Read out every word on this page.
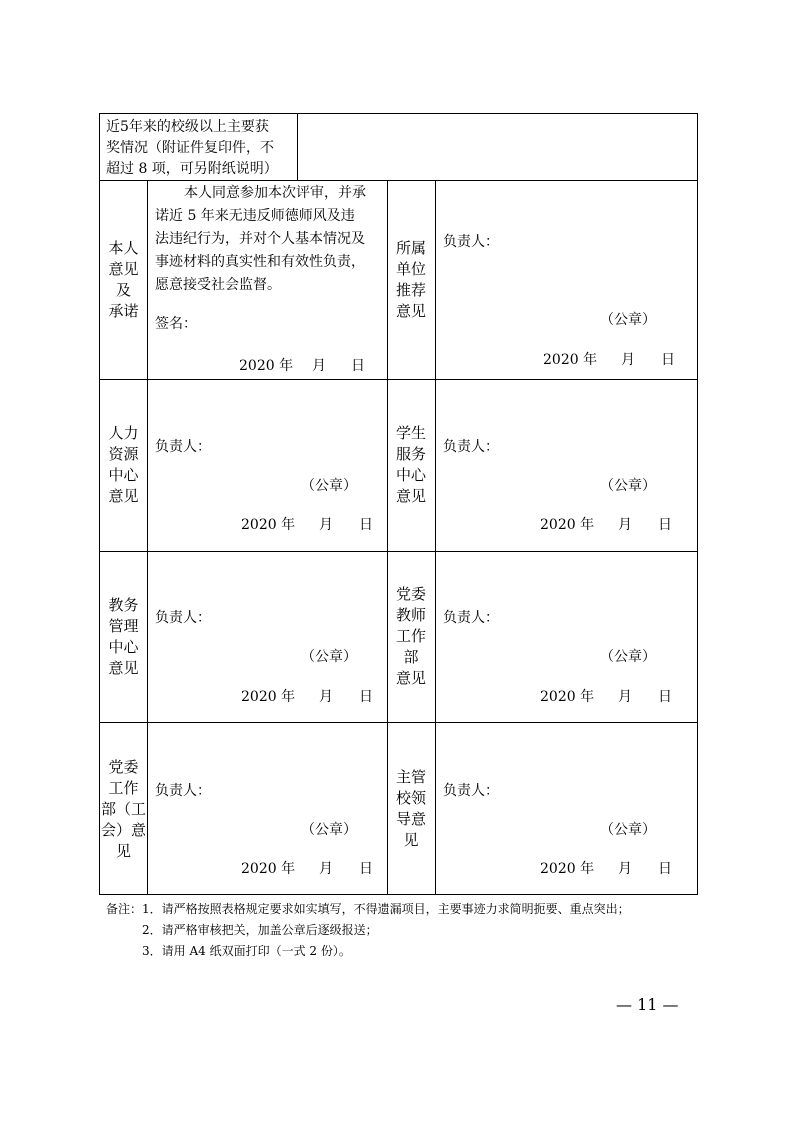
近5年来的校级以上主要获
奖情况（附证件复印件，不
超过 8 项，可另附纸说明）
本人
意见
及
承诺
本人同意参加本次评审，并承
诺近 5 年来无违反师德师风及违
法违纪行为，并对个人基本情况及
事迹材料的真实性和有效性负责，
愿意接受社会监督。
签名：
2020 年 月 日
所属
单位
推荐
意见
负责人：
（公章）
2020 年 月 日
人力
资源
中心
意见
负责人：
（公章）
2020 年 月 日
学生
服务
中心
意见
负责人：
（公章）
2020 年 月 日
教务
管理
中心
意见
负责人：
（公章）
2020 年 月 日
党委
教师
工作
部
意见
负责人：
（公章）
2020 年 月 日
党委
工作
部（工
会）意
见
负责人：
（公章）
2020 年 月 日
主管
校领
导意
见
负责人：
（公章）
2020 年 月 日
备注：1．请严格按照表格规定要求如实填写，不得遗漏项目，主要事迹力求简明扼要、重点突出；
2．请严格审核把关，加盖公章后逐级报送；
3．请用 A4 纸双面打印（一式 2 份）。
— 11 —
